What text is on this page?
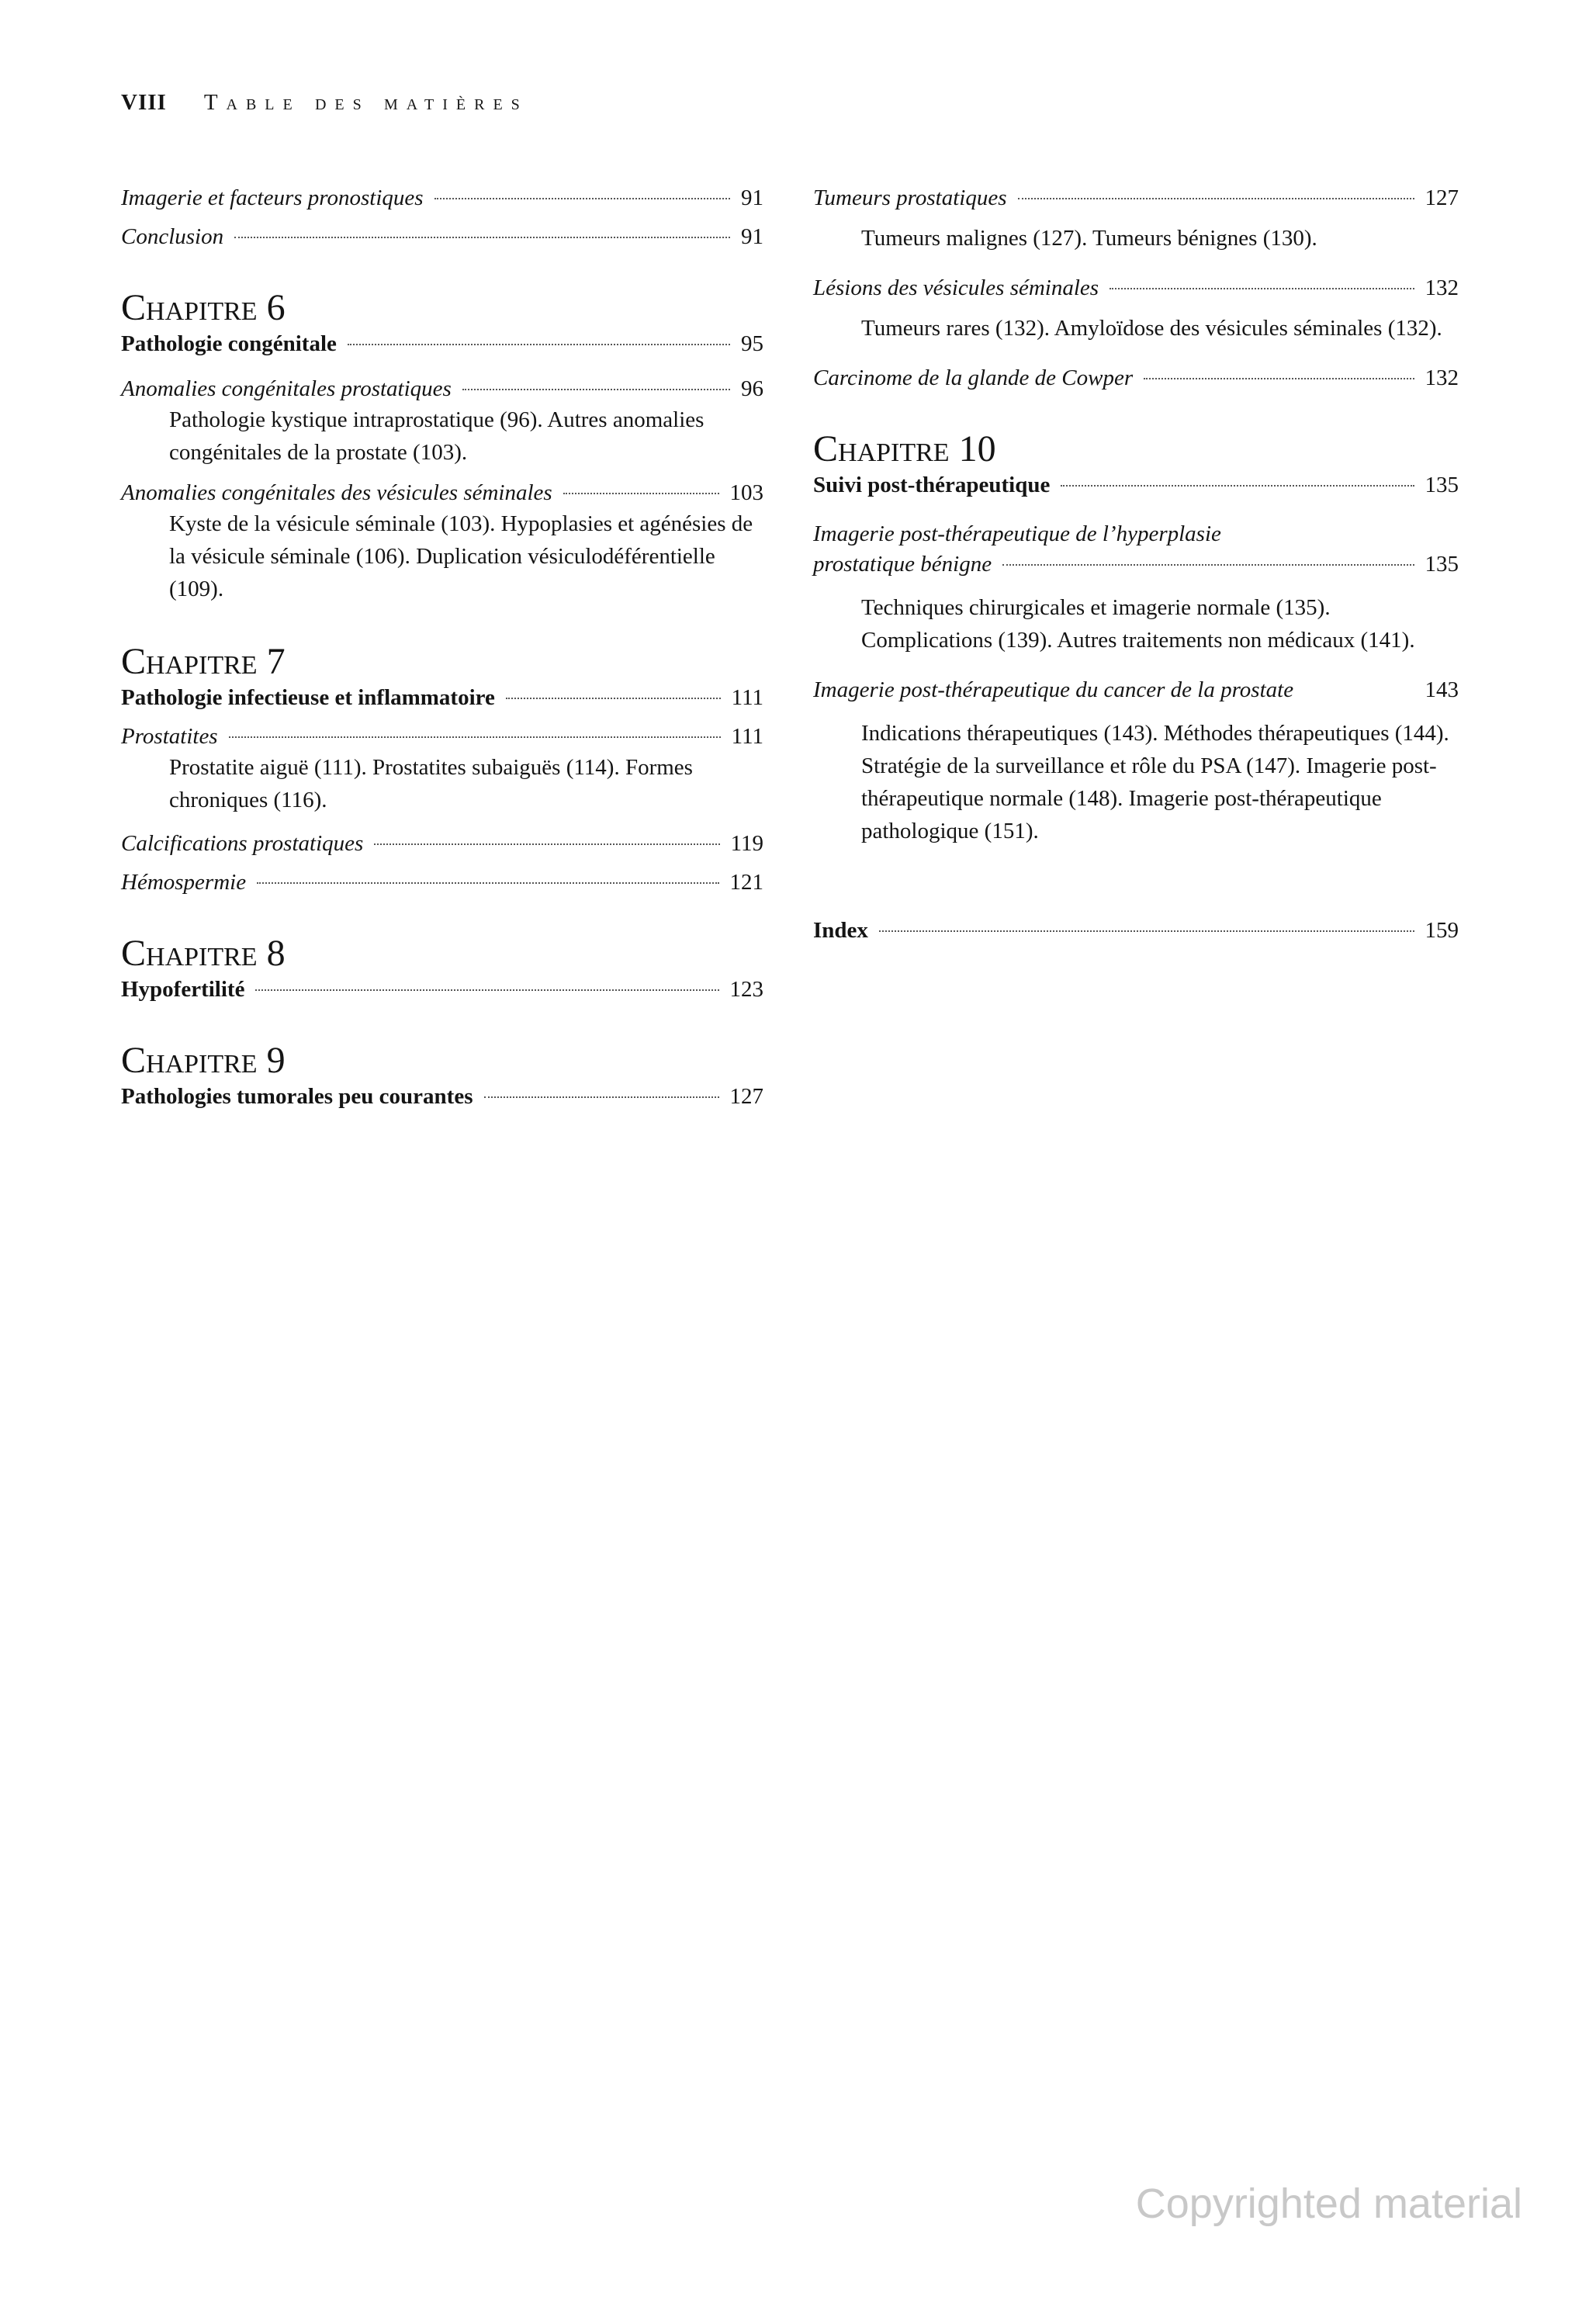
VIII Table des matières
Imagerie et facteurs pronostiques	91
Conclusion	91
Chapitre 6
Pathologie congénitale	95
Anomalies congénitales prostatiques	96
Pathologie kystique intraprostatique (96). Autres anomalies congénitales de la prostate (103).
Anomalies congénitales des vésicules séminales	103
Kyste de la vésicule séminale (103). Hypoplasies et agénésies de la vésicule séminale (106). Duplication vésiculodéférentielle (109).
Chapitre 7
Pathologie infectieuse et inflammatoire	111
Prostatites	111
Prostatite aiguë (111). Prostatites subaiguës (114). Formes chroniques (116).
Calcifications prostatiques	119
Hémospermie	121
Chapitre 8
Hypofertilité	123
Chapitre 9
Pathologies tumorales peu courantes	127
Tumeurs prostatiques	127
Tumeurs malignes (127). Tumeurs bénignes (130).
Lésions des vésicules séminales	132
Tumeurs rares (132). Amyloïdose des vésicules séminales (132).
Carcinome de la glande de Cowper	132
Chapitre 10
Suivi post-thérapeutique	135
Imagerie post-thérapeutique de l’hyperplasie
prostatique bénigne	135
Techniques chirurgicales et imagerie normale (135). Complications (139). Autres traitements non médicaux (141).
Imagerie post-thérapeutique du cancer de la prostate	143
Indications thérapeutiques (143). Méthodes thérapeutiques (144). Stratégie de la surveillance et rôle du PSA (147). Imagerie post-thérapeutique normale (148). Imagerie post-thérapeutique pathologique (151).
Index	159
Copyrighted material
